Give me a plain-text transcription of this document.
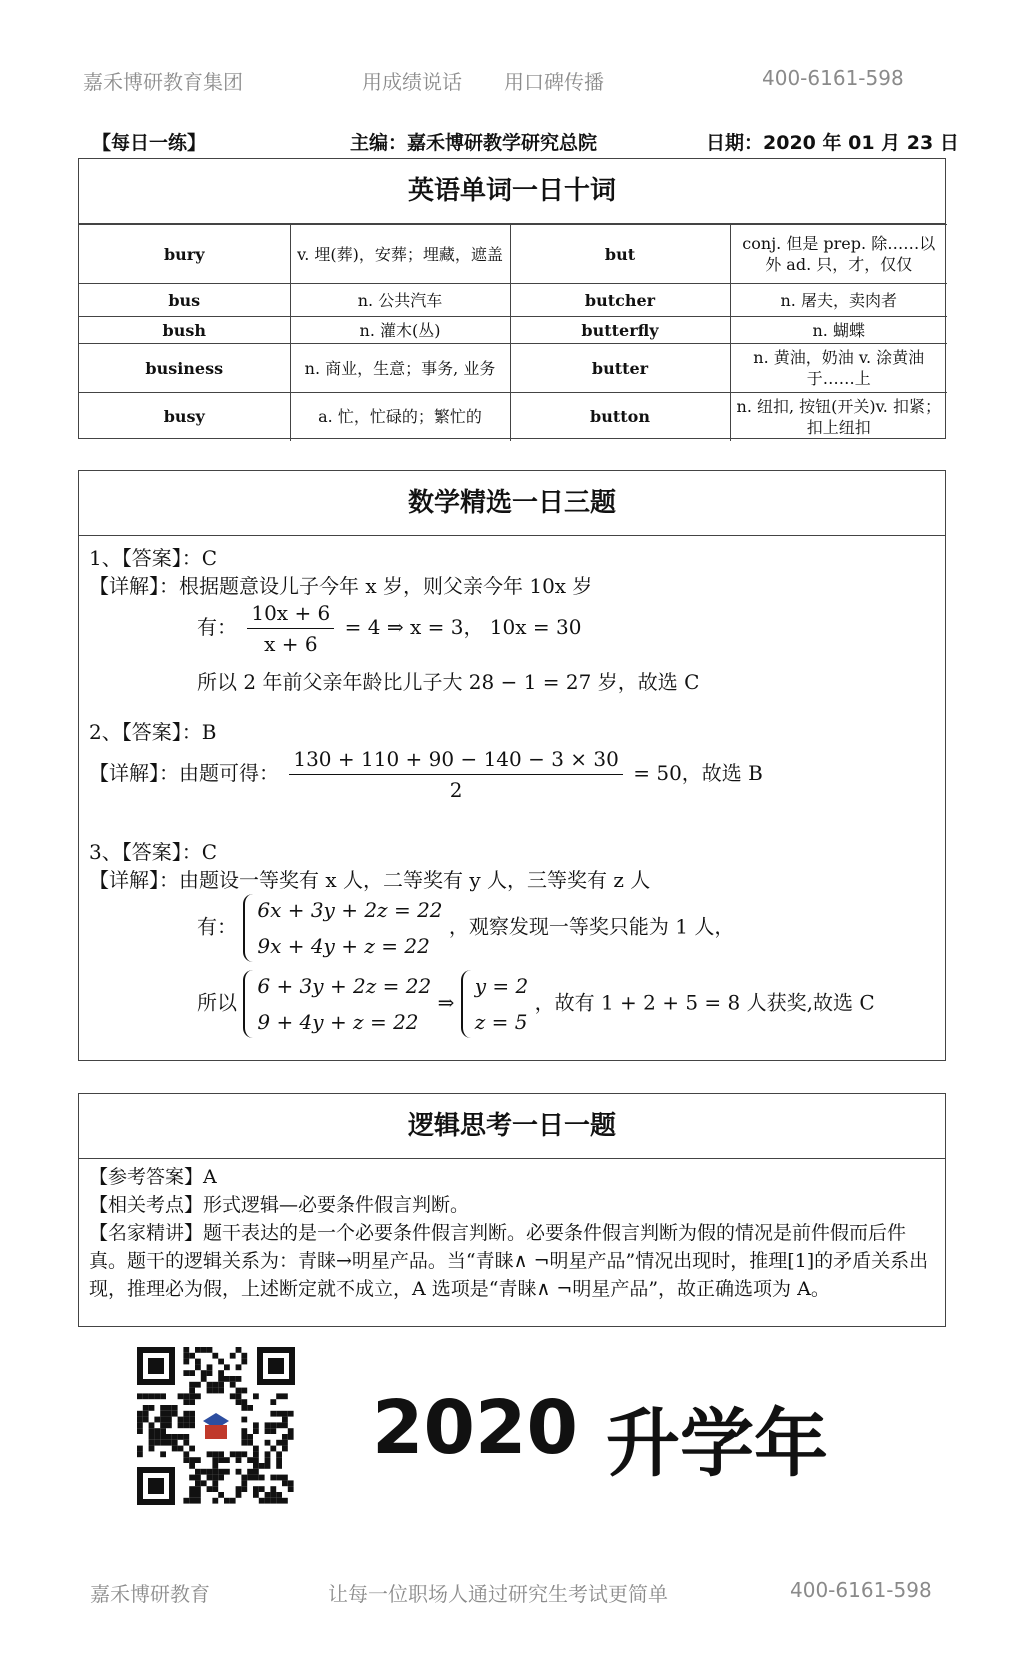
嘉禾博研教育集团	用成绩说话 用口碑传播	400-6161-598
【每日一练】	主编：嘉禾博研教学研究总院	日期：2020 年 01 月 23 日
英语单词一日十词
bury	v. 埋(葬)，安葬；埋藏，遮盖	but	conj. 但是 prep. 除……以外 ad. 只，才，仅仅
bus	n. 公共汽车	butcher	n. 屠夫，卖肉者
bush	n. 灌木(丛)	butterfly	n. 蝴蝶
business	n. 商业，生意；事务, 业务	butter	n. 黄油，奶油 v. 涂黄油于……上
busy	a. 忙，忙碌的；繁忙的	button	n. 纽扣, 按钮(开关)v. 扣紧；扣上纽扣
数学精选一日三题
1、【答案】：C
【详解】：根据题意设儿子今年 x 岁，则父亲今年 10x 岁
有： $\frac{10x + 6}{x + 6} = 4$ ⇒ x = 3， 10x = 30
所以 2 年前父亲年龄比儿子大 28 − 1 = 27 岁，故选 C
2、【答案】：B
【详解】：由题可得： $\frac{130 + 110 + 90 - 140 - 3 \times 30}{2} = 50$，故选 B
3、【答案】：C
【详解】：由题设一等奖有 x 人，二等奖有 y 人，三等奖有 z 人
有：
6x + 3y + 2z = 22
9x + 4y + z = 22
，观察发现一等奖只能为 1 人，
所以
6 + 3y + 2z = 22
9 + 4y + z = 22
⇒
y = 2
z = 5
，故有 1 + 2 + 5 = 8 人获奖,故选 C
逻辑思考一日一题

【参考答案】A

【相关考点】形式逻辑—必要条件假言判断。

【名家精讲】题干表达的是一个必要条件假言判断。必要条件假言判断为假的情况是前件假而后件真。题干的逻辑关系为：青睐→明星产品。当“青睐∧ ¬明星产品”情况出现时，推理[1]的矛盾关系出现，推理必为假，上述断定就不成立，A 选项是“青睐∧ ¬明星产品”，故正确选项为 A。

2020 升学年
嘉禾博研教育	让每一位职场人通过研究生考试更简单	400-6161-598
